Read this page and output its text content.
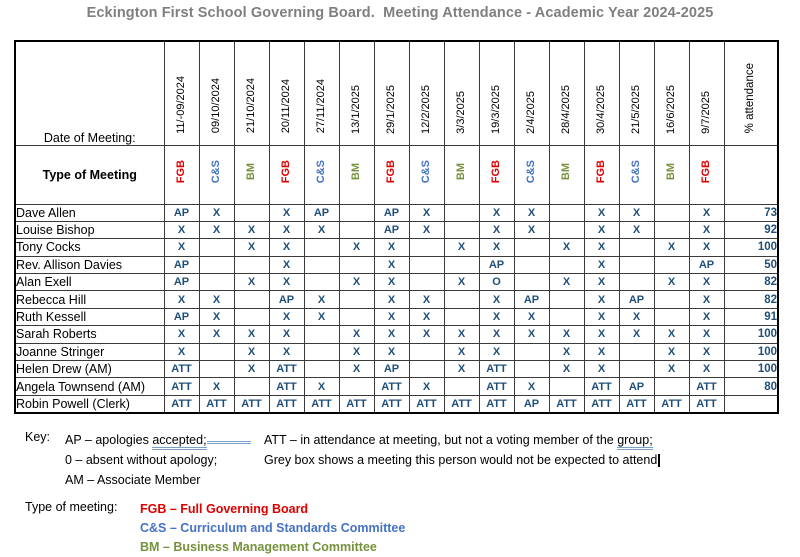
Eckington First School Governing Board.  Meeting Attendance - Academic Year 2024-2025
Date of Meeting:	11/-09/2024	09/10/2024	21/10/2024	20/11/2024	27/11/2024	13/1/2025	29/1/2025	12/2/2025	3/3/2025	19/3/2025	2/4/2025	28/4/2025	30/4/2025	21/5/2025	16/6/2025	9/7/2025	% attendance
Type of Meeting	FGB	C&S	BM	FGB	C&S	BM	FGB	C&S	BM	FGB	C&S	BM	FGB	C&S	BM	FGB	
Dave Allen	AP	X		X	AP		AP	X		X	X		X	X		X	73
Louise Bishop	X	X	X	X	X		AP	X		X	X		X	X		X	92
Tony Cocks	X		X	X		X	X		X	X		X	X		X	X	100
Rev. Allison Davies	AP			X			X			AP			X			AP	50
Alan Exell	AP		X	X		X	X		X	O		X	X		X	X	82
Rebecca Hill	X	X		AP	X		X	X		X	AP		X	AP		X	82
Ruth Kessell	AP	X		X	X		X	X		X	X		X	X		X	91
Sarah Roberts	X	X	X	X		X	X	X	X	X	X	X	X	X	X	X	100
Joanne Stringer	X		X	X		X	X		X	X		X	X		X	X	100
Helen Drew (AM)	ATT		X	ATT		X	AP		X	ATT		X	X		X	X	100
Angela Townsend (AM)	ATT	X		ATT	X		ATT	X		ATT	X		ATT	AP		ATT	80
Robin Powell (Clerk)	ATT	ATT	ATT	ATT	ATT	ATT	ATT	ATT	ATT	ATT	AP	ATT	ATT	ATT	ATT	ATT	
Key: AP – apologies accepted;
0 – absent without apology;
AM – Associate Member
ATT – in attendance at meeting, but not a voting member of the group;
Grey box shows a meeting this person would not be expected to attend
Type of meeting: FGB – Full Governing Board
C&S – Curriculum and Standards Committee
BM – Business Management Committee
